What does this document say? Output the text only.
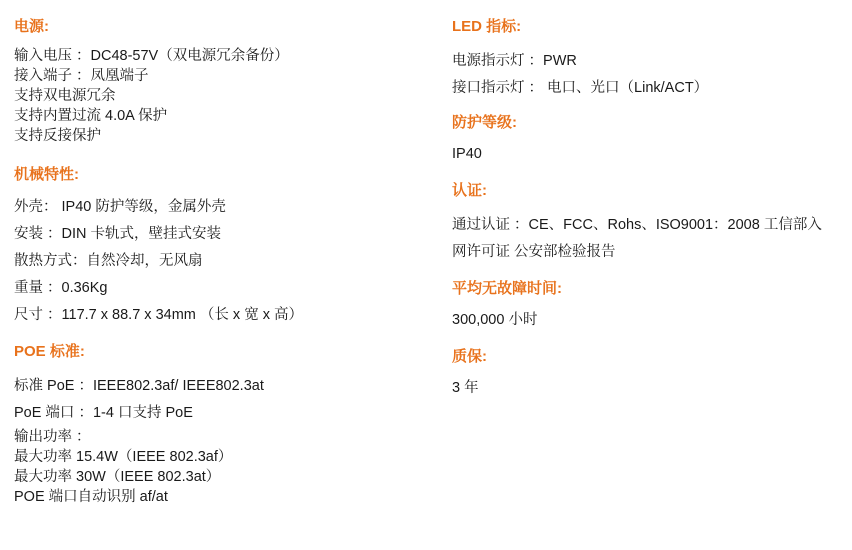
电源:
输入电压 ：DC48-57V（双电源冗余备份）
接入端子 ：凤凰端子
支持双电源冗余
支持内置过流 4.0A 保护
支持反接保护
机械特性:
外壳： IP40 防护等级，金属外壳
安装 ：DIN 卡轨式，壁挂式安装
散热方式：自然冷却，无风扇
重量 ：0.36Kg
尺寸 ：117.7 x 88.7 x 34mm （长 x 宽 x 高）
POE 标准:
标准 PoE ：IEEE802.3af/ IEEE802.3at
PoE 端口 ：1-4 口支持 PoE
输出功率 ：
最大功率 15.4W（IEEE 802.3af）
最大功率 30W（IEEE 802.3at）
POE 端口自动识别 af/at
LED 指标:
电源指示灯 ：PWR
接口指示灯 ： 电口、光口（Link/ACT）
防护等级:
IP40
认证:
通过认证 ：CE、FCC、Rohs、ISO9001：2008 工信部入
网许可证 公安部检验报告
平均无故障时间:
300,000 小时
质保:
3 年
